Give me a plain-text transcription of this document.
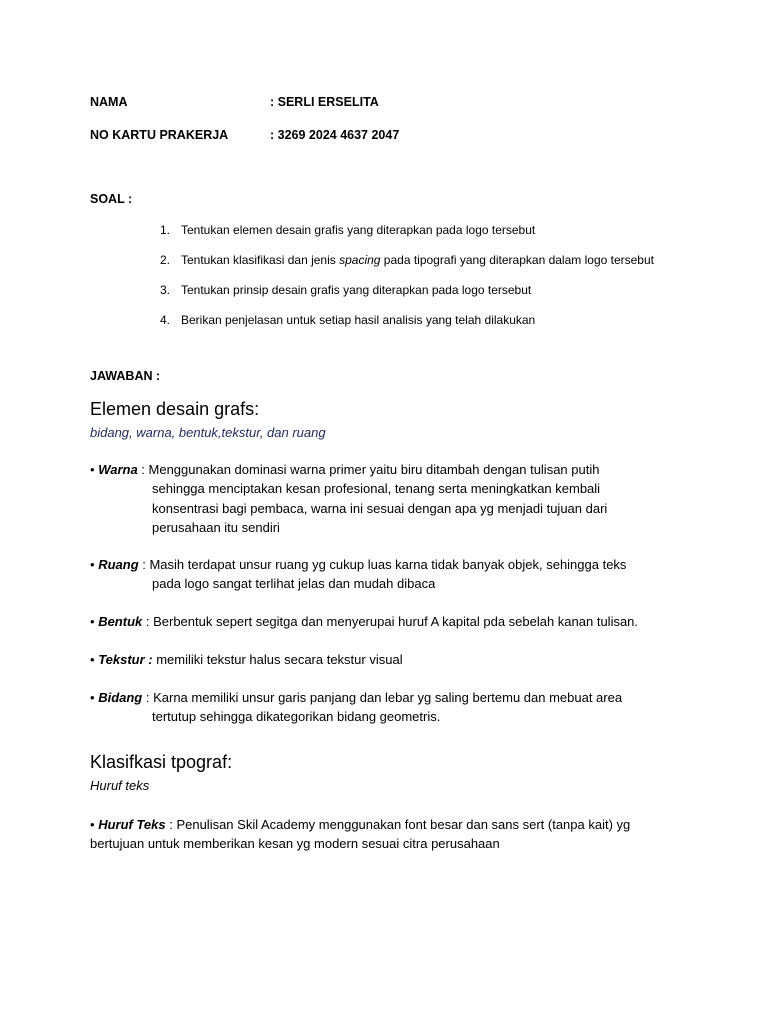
NAMA	: SERLI ERSELITA
NO KARTU PRAKERJA	: 3269 2024 4637 2047
SOAL :
1. Tentukan elemen desain grafis yang diterapkan pada logo tersebut
2. Tentukan klasifikasi dan jenis spacing pada tipografi yang diterapkan dalam logo tersebut
3. Tentukan prinsip desain grafis yang diterapkan pada logo tersebut
4. Berikan penjelasan untuk setiap hasil analisis yang telah dilakukan
JAWABAN :
Elemen desain grafs:
bidang, warna, bentuk,tekstur, dan ruang
• Warna : Menggunakan dominasi warna primer yaitu biru ditambah dengan tulisan putih
sehingga menciptakan kesan profesional, tenang serta meningkatkan kembali
konsentrasi bagi pembaca, warna ini sesuai dengan apa yg menjadi tujuan dari
perusahaan itu sendiri
• Ruang : Masih terdapat unsur ruang yg cukup luas karna tidak banyak objek, sehingga teks
pada logo sangat terlihat jelas dan mudah dibaca
• Bentuk : Berbentuk sepert segitga dan menyerupai huruf A kapital pda sebelah kanan tulisan.
• Tekstur : memiliki tekstur halus secara tekstur visual
• Bidang : Karna memiliki unsur garis panjang dan lebar yg saling bertemu dan mebuat area
tertutup sehingga dikategorikan bidang geometris.
Klasifkasi tpograf:
Huruf teks
• Huruf Teks : Penulisan Skil Academy menggunakan font besar dan sans sert (tanpa kait) yg bertujuan untuk memberikan kesan yg modern sesuai citra perusahaan
